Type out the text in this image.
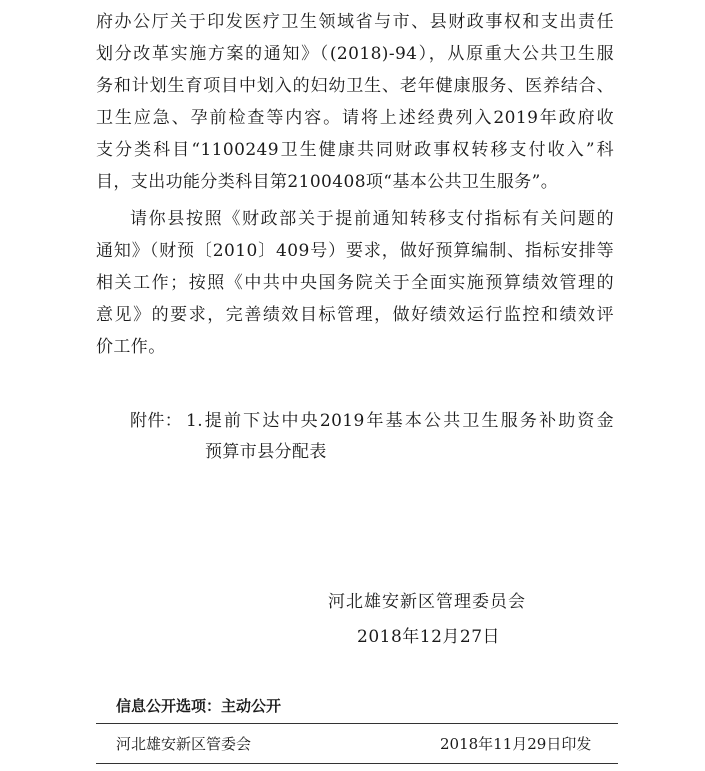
府办公厅关于印发医疗卫生领域省与市、县财政事权和支出责任
划分改革实施方案的通知》（(2018)-94），从原重大公共卫生服
务和计划生育项目中划入的妇幼卫生、老年健康服务、医养结合、
卫生应急、孕前检查等内容。请将上述经费列入2019年政府收
支分类科目“1100249卫生健康共同财政事权转移支付收入”科
目，支出功能分类科目第2100408项“基本公共卫生服务”。
请你县按照《财政部关于提前通知转移支付指标有关问题的
通知》（财预〔2010〕409号）要求，做好预算编制、指标安排等
相关工作；按照《中共中央国务院关于全面实施预算绩效管理的
意见》的要求，完善绩效目标管理，做好绩效运行监控和绩效评
价工作。
附件： 1.提前下达中央2019年基本公共卫生服务补助资金
预算市县分配表
河北雄安新区管理委员会
2018年12月27日
信息公开选项：主动公开
河北雄安新区管委会	2018年11月29日印发
